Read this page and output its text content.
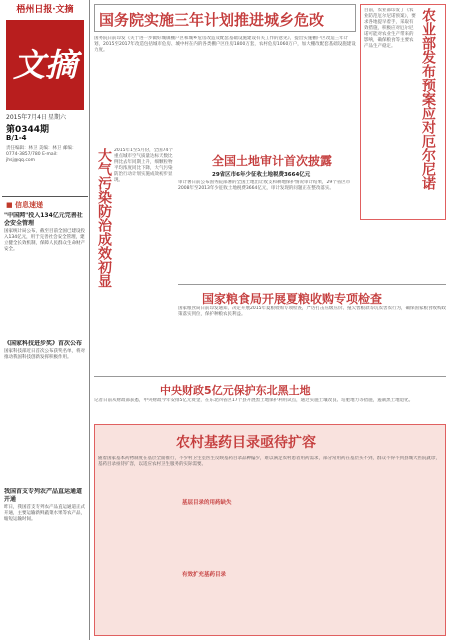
梧州日报·文摘
文摘
2015年7月4日 星期六
第0344期
B/1-4
责任编辑：林卫 美编：林卫 邮编：0774-3857/780 E-mail: jhsj@qq.com
■ 信息速递
"中国网"投入134亿元完善社会安全管理
国家统计局公布，截至目前全国已建设投入134亿元，用于完善社会安全管理，建立健全长效机制，保障人民群众生命财产安全。
《国家科技进步奖》首次公布
国家科技部近日首次公布获奖名单，将对推动我国科技创新发挥积极作用。
我国首支专列农产品直运通道开通
昨日，我国首支专列农产品直运通道正式开通，主要运输新鲜蔬菜水果等农产品，缩短运输时间。
国务院实施三年计划推进城乡危改
国务院日前印发《关于进一步做好城镇棚户区和城乡危房改造及配套基础设施建设有关工作的意见》，提出实施棚户区改造三年计划，2015至2017年改造包括城市危房、城中村在内的各类棚户区住房1800万套，农村危房1060万户，加大棚改配套基础设施建设力度。	农业部发布预案应对厄尔尼诺
目前，农业部印发了《农业防范厄尔尼诺预案》，要求各地提早着手，采取有效措施，积极应对厄尔尼诺可能对农业生产带来的影响，确保粮食等主要农产品生产稳定。
大气污染防治成效初显 2015年1至5月份，全国74个重点城市空气质量达标天数比例比去年同期上升，细颗粒物平均浓度同比下降，大气污染防治行动计划实施成效初步显现。
全国土地审计首次披露
29省区市6年少征收土地税费3664亿元
审计署日前公布国务院部署的全国土地出让收支和耕地保护情况审计结果，29个省区市2008年至2013年少征收土地税费3664亿元，审计发现的问题正在整改落实。
国家粮食局开展夏粮收购专项检查
国家粮食局日前印发通知，决定开展2015年夏粮收购专项检查，严厉打击压级压价、拖欠售粮款等坑农害农行为，确保国家粮食收购政策落实到位，保护种粮农民利益。
中央财政5亿元保护东北黑土地
记者日前从财政部获悉，中央财政今年安排5亿元资金，在东北四省区17个县开展黑土地保护利用试点，通过实施土壤改良、培肥地力等措施，遏制黑土地退化。
农村基药目录亟待扩容
基层目录的用药缺失
有效扩充基药目录
随着国家基本药物制度在基层全面推行，不少村卫生室医生反映基药目录品种偏少，难以满足农村患者用药需求，部分常用药在基层买不到，群众不得不到县城大医院就诊，基药目录亟待扩容，以适应农村卫生服务的实际需要。
